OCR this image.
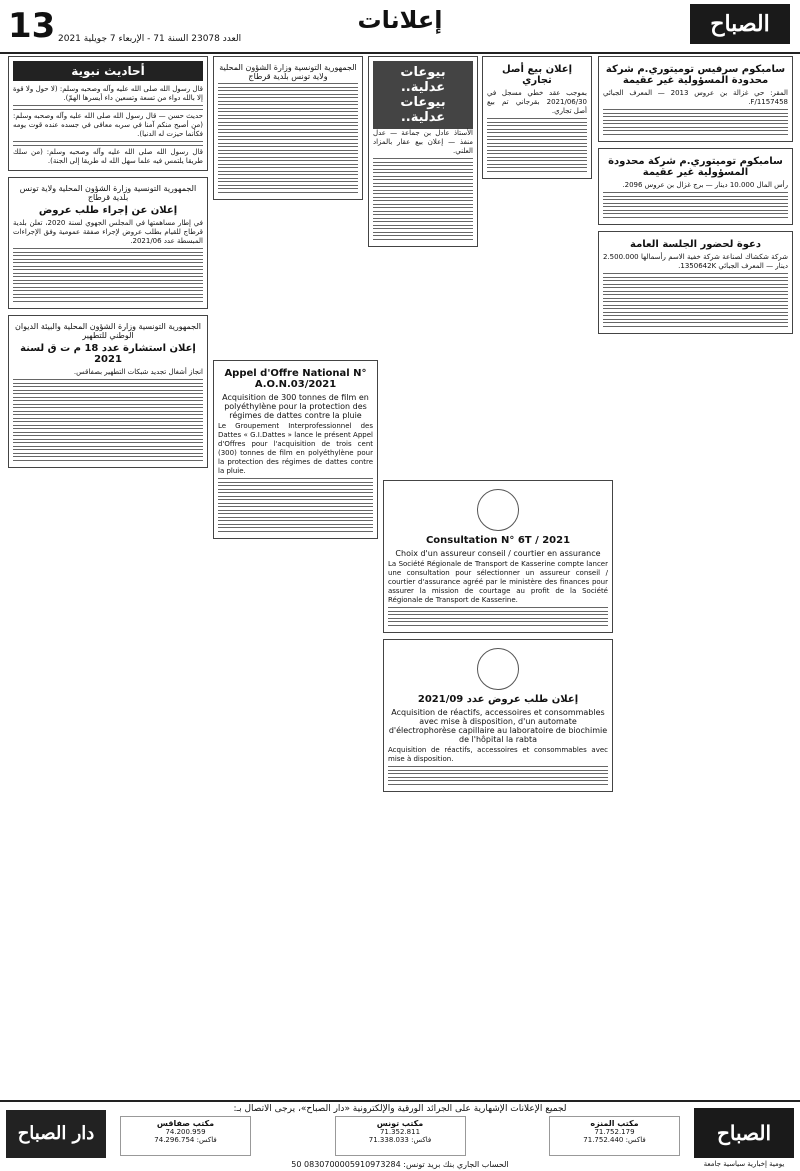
13 العدد 23078 السنة 71 - الإربعاء 7 جويلية 2021
إعلانات	الصباح
أحاديث نبوية
قال رسول الله صلى الله عليه وآله وصحبه وسلم: (لا حول ولا قوة إلا بالله دواء من تسعة وتسعين داء أيسرها الهمّ).
حديث حسن — قال رسول الله صلى الله عليه وآله وصحبه وسلم: (من أصبح منكم آمنا في سربه معافى في جسده عنده قوت يومه فكأنما حيزت له الدنيا).
قال رسول الله صلى الله عليه وآله وصحبه وسلم: (من سلك طريقا يلتمس فيه علما سهل الله له طريقا إلى الجنة).
الجمهورية التونسية وزارة الشؤون المحلية ولاية تونس بلدية قرطاج
إعلان عن إجراء طلب عروض
في إطار مساهمتها في المجلس الجهوي لسنة 2020، تعلن بلدية قرطاج للقيام بطلب عروض لإجراء صفقة عمومية وفق الإجراءات المبسطة عدد 2021/06.
الجمهورية التونسية وزارة الشؤون المحلية والبيئة الديوان الوطني للتطهير
إعلان استشارة عدد 18 م ت ق لسنة 2021
انجاز أشغال تجديد شبكات التطهير بصفاقس.
الجمهورية التونسية وزارة الشؤون المحلية ولاية تونس بلدية قرطاج	بيوعات عدلية.. بيوعات عدلية..
الأستاذ عادل بن جماعة — عدل منفذ — إعلان بيع عقار بالمزاد العلني.
إعلان بيع أصل تجاري
بموجب عقد خطي مسجل في 2021/06/30 بقرجاني تم بيع أصل تجاري.
سامبكوم سرفيس توميتوري.م شركة محدودة المسؤولية غير عقيمة
المقر: حي غزالة بن عروس 2013 — المعرف الجبائي 1157458/F.
سامبكوم توميتوري.م شركة محدودة المسؤولية غير عقيمة
رأس المال 10.000 دينار — برج غزال بن عروس 2096.
دعوة لحضور الجلسة العامة
شركة شكشاك لصناعة شركة خفية الاسم رأسمالها 2.500.000 دينار — المعرف الجبائي 1350642K.
Appel d'Offre National N° A.O.N.03/2021
Acquisition de 300 tonnes de film en polyéthylène pour la protection des régimes de dattes contre la pluie
Le Groupement Interprofessionnel des Dattes « G.I.Dattes » lance le présent Appel d'Offres pour l'acquisition de trois cent (300) tonnes de film en polyéthylène pour la protection des régimes de dattes contre la pluie.
Consultation N° 6T / 2021
Choix d'un assureur conseil / courtier en assurance
La Société Régionale de Transport de Kasserine compte lancer une consultation pour sélectionner un assureur conseil / courtier d'assurance agréé par le ministère des finances pour assurer la mission de courtage au profit de la Société Régionale de Transport de Kasserine.
إعلان طلب عروض عدد 2021/09
Acquisition de réactifs, accessoires et consommables avec mise à disposition, d'un automate d'électrophorèse capillaire au laboratoire de biochimie de l'hôpital la rabta
Acquisition de réactifs, accessoires et consommables avec mise à disposition.
دار الصباح
لجميع الإعلانات الإشهارية على الجرائد الورقية والإلكترونية «دار الصباح»، يرجى الاتصال بـ:
مكتب المنزه
71.752.179
فاكس: 71.752.440
مكتب تونس
71.352.811
فاكس: 71.338.033
مكتب صفاقس
74.200.959
فاكس: 74.296.754
الحساب الجاري بنك بريد تونس: 0830700005910973284 50
الصباح
يومية إخبارية سياسية جامعة
